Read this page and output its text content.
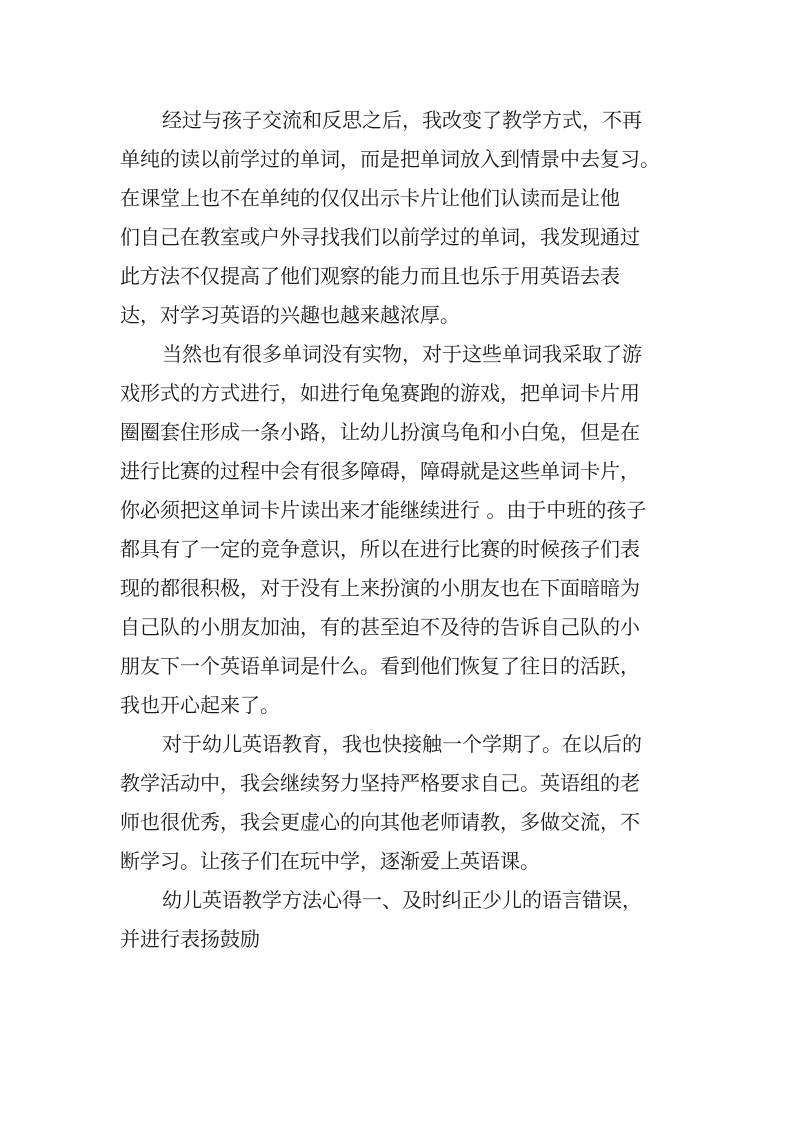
经过与孩子交流和反思之后，我改变了教学方式，不再
单纯的读以前学过的单词，而是把单词放入到情景中去复习。
在课堂上也不在单纯的仅仅出示卡片让他们认读而是让他
们自己在教室或户外寻找我们以前学过的单词，我发现通过
此方法不仅提高了他们观察的能力而且也乐于用英语去表
达，对学习英语的兴趣也越来越浓厚。
当然也有很多单词没有实物，对于这些单词我采取了游
戏形式的方式进行，如进行龟兔赛跑的游戏，把单词卡片用
圈圈套住形成一条小路，让幼儿扮演乌龟和小白兔，但是在
进行比赛的过程中会有很多障碍，障碍就是这些单词卡片，
你必须把这单词卡片读出来才能继续进行 。由于中班的孩子
都具有了一定的竞争意识，所以在进行比赛的时候孩子们表
现的都很积极，对于没有上来扮演的小朋友也在下面暗暗为
自己队的小朋友加油，有的甚至迫不及待的告诉自己队的小
朋友下一个英语单词是什么。看到他们恢复了往日的活跃，
我也开心起来了。
对于幼儿英语教育，我也快接触一个学期了。在以后的
教学活动中，我会继续努力坚持严格要求自己。英语组的老
师也很优秀，我会更虚心的向其他老师请教，多做交流，不
断学习。让孩子们在玩中学，逐渐爱上英语课。
幼儿英语教学方法心得一、及时纠正少儿的语言错误，
并进行表扬鼓励
